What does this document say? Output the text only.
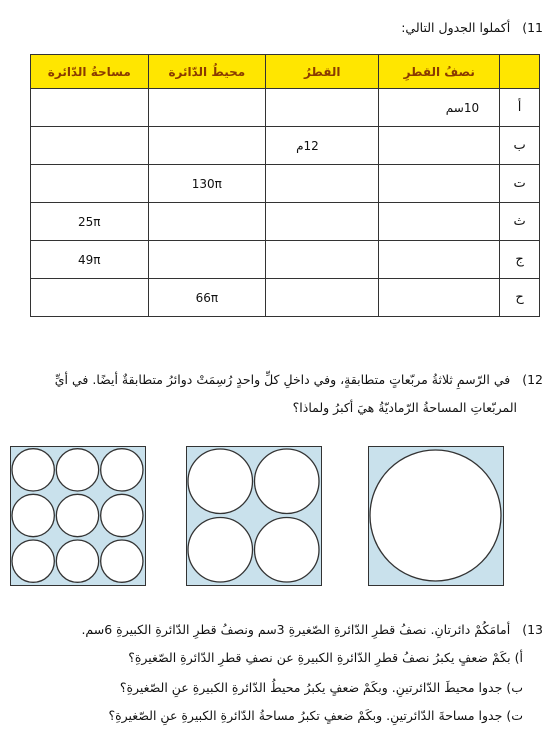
11) أكملوا الجدول التالي:
	نصفُ القطرِ	القطرُ	محيطُ الدّائرة	مساحةُ الدّائرة
أ	10سم			
ب		12م		
ت			130π	
ث				25π
ج				49π
ح			66π	
12) في الرّسمِ ثلاثةُ مربّعاتٍ متطابقةٍ، وفي داخلِ كلِّ واحدٍ رُسِمَتْ دوائرُ متطابقةٌ أيضًا. في أيِّ
المربّعاتِ المساحةُ الرّماديّةُ هيَ أكبرُ ولماذا؟
13) أمامَكُمْ دائرتانِ. نصفُ قطرِ الدّائرةِ الصّغيرةِ 3سم ونصفُ قطرِ الدّائرةِ الكبيرةِ 6سم.
أ) بكَمْ ضعفٍ يكبرُ نصفُ قطرِ الدّائرةِ الكبيرةِ عن نصفِ قطرِ الدّائرةِ الصّغيرةِ؟
ب) جدوا محيطَ الدّائرتينِ. وبكَمْ ضعفٍ يكبرُ محيطُ الدّائرةِ الكبيرةِ عنِ الصّغيرةِ؟
ت) جدوا مساحةَ الدّائرتينِ. وبكَمْ ضعفٍ تكبرُ مساحةُ الدّائرةِ الكبيرةِ عنِ الصّغيرةِ؟
